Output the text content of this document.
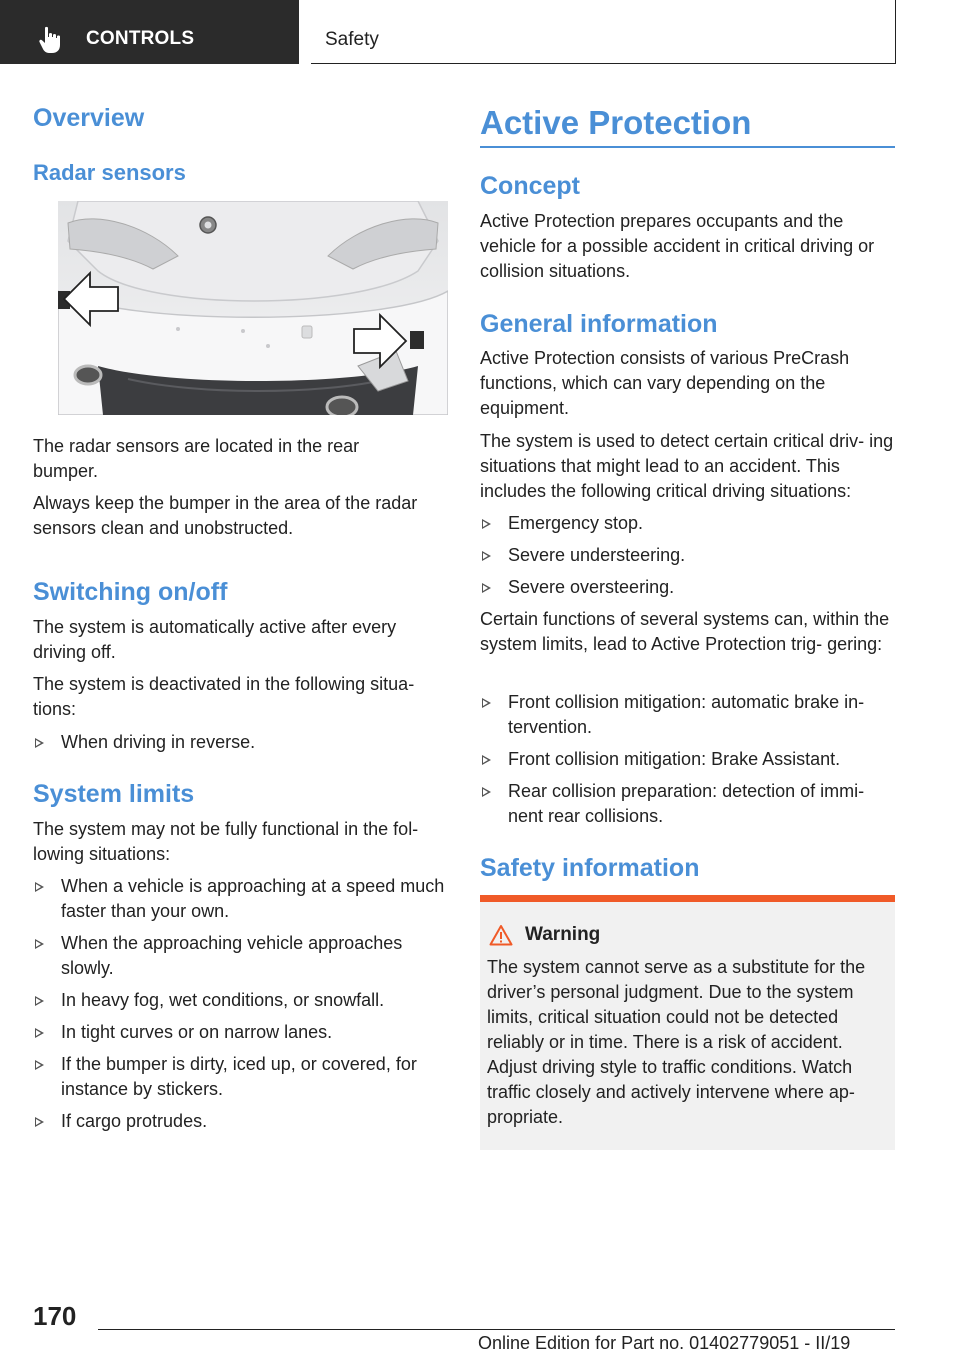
CONTROLS	Safety
Overview
Radar sensors

The radar sensors are located in the rear bumper.

Always keep the bumper in the area of the radar sensors clean and unobstructed.

Switching on/off

The system is automatically active after every driving off.

The system is deactivated in the following situa‐ tions:

When driving in reverse.
System limits

The system may not be fully functional in the fol‐ lowing situations:

When a vehicle is approaching at a speed much faster than your own.
When the approaching vehicle approaches slowly.
In heavy fog, wet conditions, or snowfall.
In tight curves or on narrow lanes.
If the bumper is dirty, iced up, or covered, for instance by stickers.
If cargo protrudes.
Active Protection
Concept

Active Protection prepares occupants and the vehicle for a possible accident in critical driving or collision situations.

General information

Active Protection consists of various PreCrash functions, which can vary depending on the equipment.

The system is used to detect certain critical driv‐ ing situations that might lead to an accident. This includes the following critical driving situations:

Emergency stop.
Severe understeering.
Severe oversteering.

Certain functions of several systems can, within the system limits, lead to Active Protection trig‐ gering:

Front collision mitigation: automatic brake in‐ tervention.
Front collision mitigation: Brake Assistant.
Rear collision preparation: detection of immi‐ nent rear collisions.
Safety information
Warning

The system cannot serve as a substitute for the driver’s personal judgment. Due to the system limits, critical situation could not be detected reliably or in time. There is a risk of accident. Adjust driving style to traffic conditions. Watch traffic closely and actively intervene where ap‐ propriate.

170
Online Edition for Part no. 01402779051 - II/19
